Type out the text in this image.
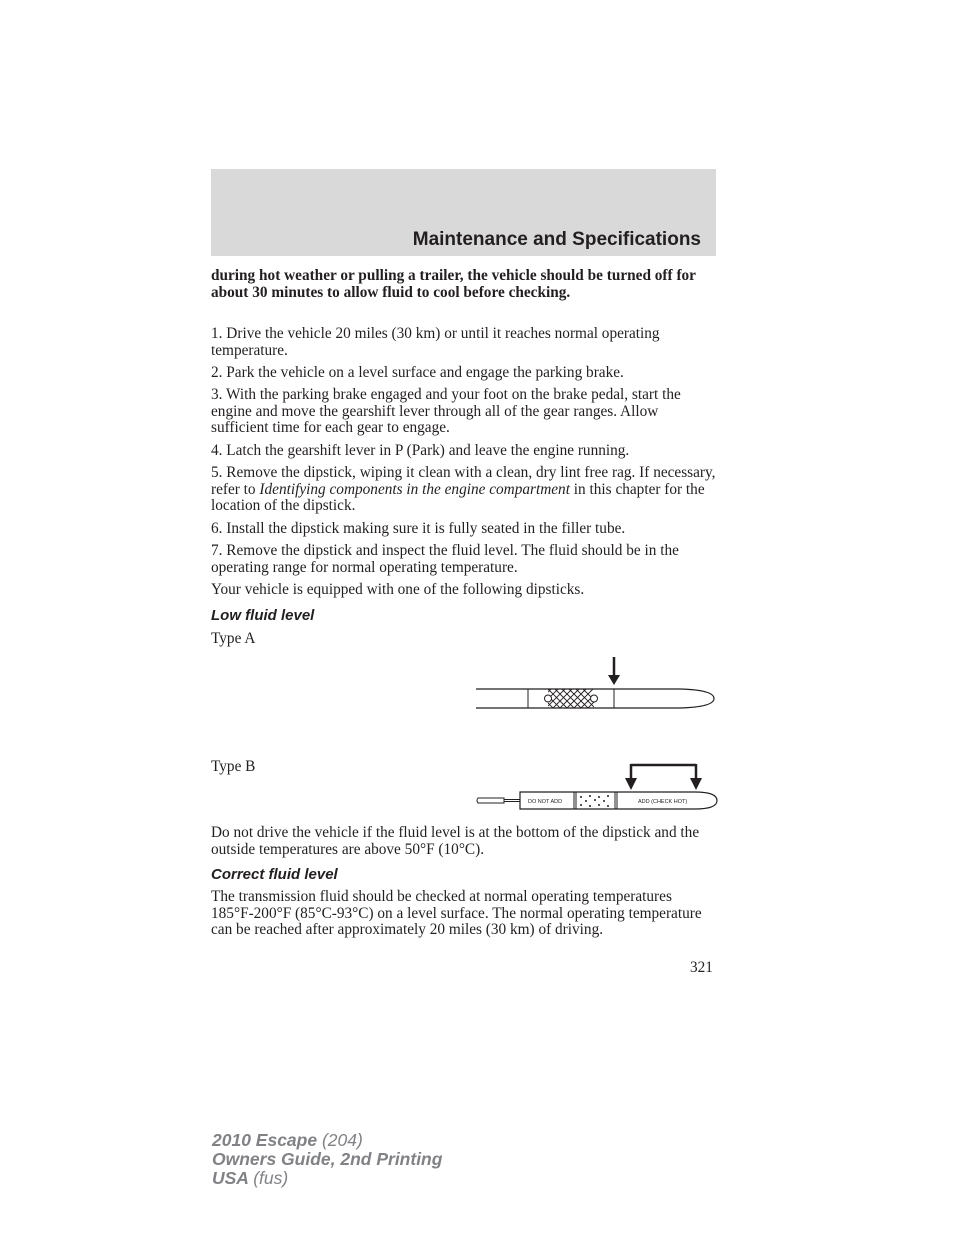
Maintenance and Specifications

during hot weather or pulling a trailer, the vehicle should be turned off for about 30 minutes to allow fluid to cool before checking.

1. Drive the vehicle 20 miles (30 km) or until it reaches normal operating temperature.

2. Park the vehicle on a level surface and engage the parking brake.

3. With the parking brake engaged and your foot on the brake pedal, start the engine and move the gearshift lever through all of the gear ranges. Allow sufficient time for each gear to engage.

4. Latch the gearshift lever in P (Park) and leave the engine running.

5. Remove the dipstick, wiping it clean with a clean, dry lint free rag. If necessary, refer to Identifying components in the engine compartment in this chapter for the location of the dipstick.

6. Install the dipstick making sure it is fully seated in the filler tube.

7. Remove the dipstick and inspect the fluid level. The fluid should be in the operating range for normal operating temperature.

Your vehicle is equipped with one of the following dipsticks.

Low fluid level
Type A
Type B
DO NOT ADD	ADD (CHECK HOT)

Do not drive the vehicle if the fluid level is at the bottom of the dipstick and the outside temperatures are above 50°F (10°C).

Correct fluid level

The transmission fluid should be checked at normal operating temperatures 185°F-200°F (85°C-93°C) on a level surface. The normal operating temperature can be reached after approximately 20 miles (30 km) of driving.

321
2010 Escape (204)
Owners Guide, 2nd Printing
USA (fus)
